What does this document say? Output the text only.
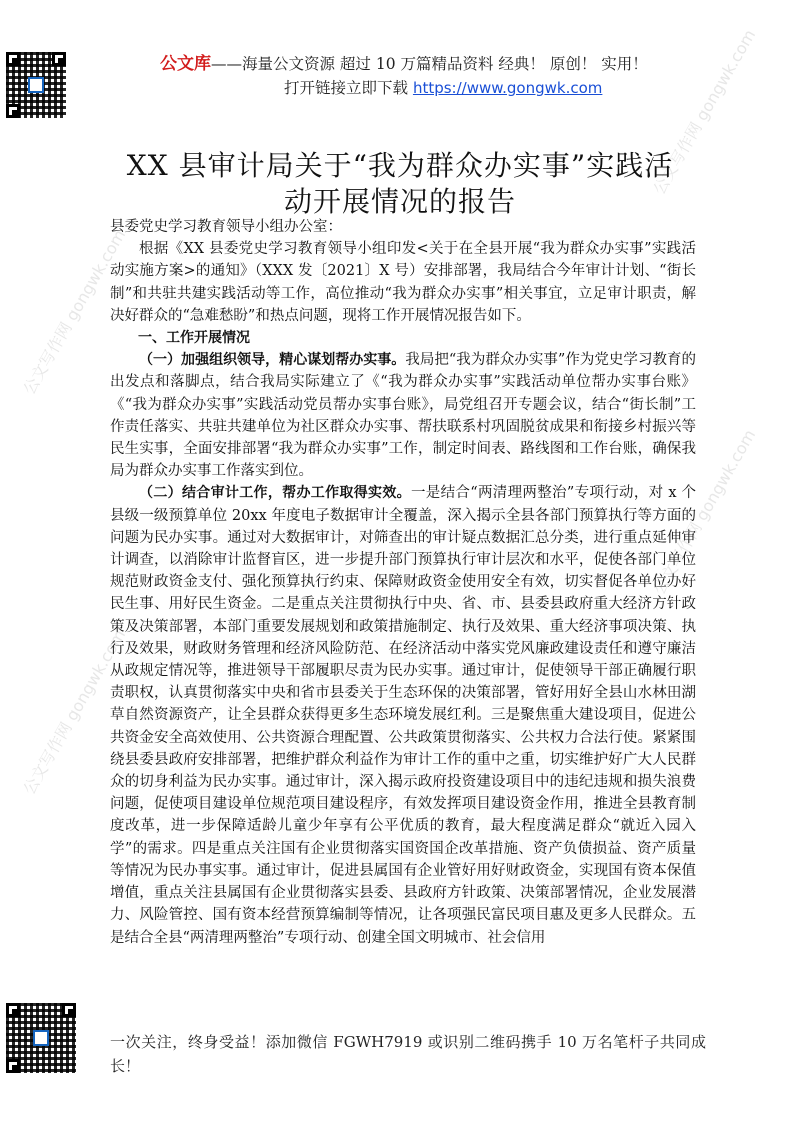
公文库——海量公文资源 超过 10 万篇精品资料 经典！ 原创！ 实用！
打开链接立即下载 https://www.gongwk.com
公文写作网 gongwk.com
公文写作网 gongwk.com
公文写作网 gongwk.com
公文写作网 gongwk.com
XX 县审计局关于“我为群众办实事”实践活
动开展情况的报告

县委党史学习教育领导小组办公室：

根据《XX 县委党史学习教育领导小组印发<关于在全县开展“我为群众办实事”实践活动实施方案>的通知》（XXX 发〔2021〕X 号）安排部署，我局结合今年审计计划、“街长制”和共驻共建实践活动等工作，高位推动“我为群众办实事”相关事宜，立足审计职责，解决好群众的“急难愁盼”和热点问题，现将工作开展情况报告如下。

一、工作开展情况

（一）加强组织领导，精心谋划帮办实事。我局把“我为群众办实事”作为党史学习教育的出发点和落脚点，结合我局实际建立了《“我为群众办实事”实践活动单位帮办实事台账》《“我为群众办实事”实践活动党员帮办实事台账》，局党组召开专题会议，结合“街长制”工作责任落实、共驻共建单位为社区群众办实事、帮扶联系村巩固脱贫成果和衔接乡村振兴等民生实事，全面安排部署“我为群众办实事”工作，制定时间表、路线图和工作台账，确保我局为群众办实事工作落实到位。

（二）结合审计工作，帮办工作取得实效。一是结合“两清理两整治”专项行动，对 x 个县级一级预算单位 20xx 年度电子数据审计全覆盖，深入揭示全县各部门预算执行等方面的问题为民办实事。通过对大数据审计，对筛查出的审计疑点数据汇总分类，进行重点延伸审计调查，以消除审计监督盲区，进一步提升部门预算执行审计层次和水平，促使各部门单位规范财政资金支付、强化预算执行约束、保障财政资金使用安全有效，切实督促各单位办好民生事、用好民生资金。二是重点关注贯彻执行中央、省、市、县委县政府重大经济方针政策及决策部署，本部门重要发展规划和政策措施制定、执行及效果、重大经济事项决策、执行及效果，财政财务管理和经济风险防范、在经济活动中落实党风廉政建设责任和遵守廉洁从政规定情况等，推进领导干部履职尽责为民办实事。通过审计，促使领导干部正确履行职责职权，认真贯彻落实中央和省市县委关于生态环保的决策部署，管好用好全县山水林田湖草自然资源资产，让全县群众获得更多生态环境发展红利。三是聚焦重大建设项目，促进公共资金安全高效使用、公共资源合理配置、公共政策贯彻落实、公共权力合法行使。紧紧围绕县委县政府安排部署，把维护群众利益作为审计工作的重中之重，切实维护好广大人民群众的切身利益为民办实事。通过审计，深入揭示政府投资建设项目中的违纪违规和损失浪费问题，促使项目建设单位规范项目建设程序，有效发挥项目建设资金作用，推进全县教育制度改革，进一步保障适龄儿童少年享有公平优质的教育，最大程度满足群众“就近入园入学”的需求。四是重点关注国有企业贯彻落实国资国企改革措施、资产负债损益、资产质量等情况为民办事实事。通过审计，促进县属国有企业管好用好财政资金，实现国有资本保值增值，重点关注县属国有企业贯彻落实县委、县政府方针政策、决策部署情况，企业发展潜力、风险管控、国有资本经营预算编制等情况，让各项强民富民项目惠及更多人民群众。五是结合全县“两清理两整治”专项行动、创建全国文明城市、社会信用

一次关注，终身受益！添加微信 FGWH7919 或识别二维码携手 10 万名笔杆子共同成长！
